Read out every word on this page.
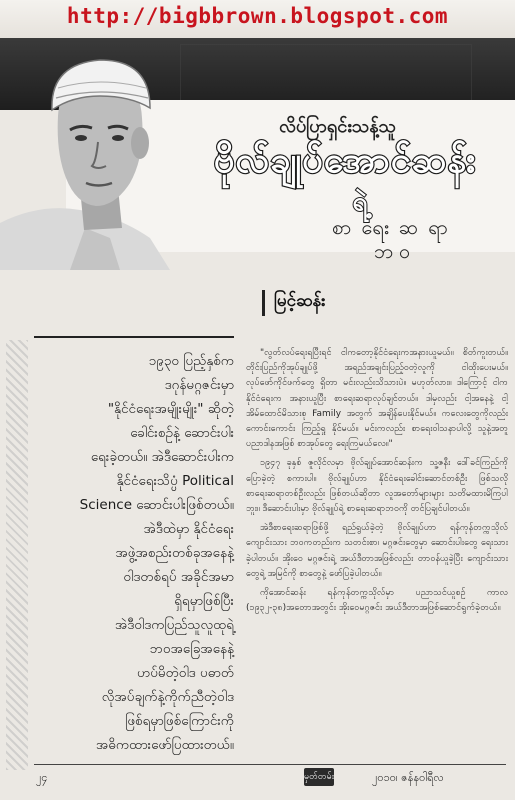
http://bigbbrown.blogspot.com
လိပ်ပြာရှင်းသန့်သူ
ဗိုလ်ချုပ်အောင်ဆန်း
ရဲ့
စာရေးဆရာ
ဘဝ
မြင့်ဆန်း
၁၉၃၀ ပြည့်နှစ်က
ဒဂုန်မဂ္ဂဇင်းမှာ
"နိုင်ငံရေးအမျိုးမျိုး" ဆိုတဲ့
ခေါင်းစဉ်နဲ့ ဆောင်းပါး
ရေးခဲ့တယ်။ အဲဒီဆောင်းပါးက
နိုင်ငံရေးသိပ္ပံ Political
Science ဆောင်းပါးဖြစ်တယ်။
အဲဒီထဲမှာ နိုင်ငံရေး
အဖွဲ့အစည်းတစ်ခုအနေနဲ့
ဝါဒတစ်ရပ် အခိုင်အမာ
ရှိရမှာဖြစ်ပြီး
အဲဒီဝါဒကပြည်သူလူထုရဲ့
ဘဝအခြေအနေနဲ့
ဟပ်မိတဲ့ဝါဒ ပဓာတ်
လိုအပ်ချက်နဲ့ကိုက်ညီတဲ့ဝါဒ
ဖြစ်ရမှာဖြစ်ကြောင်းကို
အဓိကထားဖော်ပြထားတယ်။

"လွတ်လပ်ရေးရပြီးရင် ငါကတော့နိုင်ငံရေးကအနားယူမယ်။ စိတ်ကူးတယ်။ တိုင်းပြည်ကိုအုပ်ချုပ်ဖို့ အရည်အချင်းပြည့်ဝတဲ့လူကို ငါထိုးပေးမယ်။ လုပ်ဖော်ကိုင်ဖက်တွေ ရှိတာ မင်းလည်းသိသားပဲ။ မဟုတ်လား။ ဒါကြောင့် ငါကနိုင်ငံရေးက အနားယူပြီး စာရေးဆရာလုပ်ချင်တယ်။ ဒါမှလည်း ငါ့အနေနဲ့ ငါ့အိမ်ထောင်မိသားစု Family အတွက် အချိန်ပေးနိုင်မယ်။ ကလေးတွေကိုလည်း ကောင်းကောင်း ကြည့်ရှု နိုင်မယ်။ မင်းကလည်း စာရေးဝါသနာပါလို့ သူနဲ့အတူ ပညာဒါနအဖြစ် စာအုပ်တွေ ရေးကြမယ်လေ။"

၁၉၄၇ ခုနှစ် ဇူလိုင်လမှာ ဗိုလ်ချုပ်အောင်ဆန်းက သူ့ဇနီး ဒေါ်ခင်ကြည်ကို ပြောခဲ့တဲ့ စကားပါ။ ဗိုလ်ချုပ်ဟာ နိုင်ငံရေးခေါင်းဆောင်တစ်ဦး ဖြစ်သလို စာရေးဆရာတစ်ဦးလည်း ဖြစ်တယ်ဆိုတာ လူအတော်များများ သတိမထားမိကြပါဘူး။ ဒီဆောင်းပါးမှာ ဗိုလ်ချုပ်ရဲ့ စာရေးဆရာဘဝကို တင်ပြချင်ပါတယ်။

အဲဒီစာရေးဆရာဖြစ်ဖို့ ရည်ရွယ်ခဲ့တဲ့ ဗိုလ်ချုပ်ဟာ ရန်ကုန်တက္ကသိုလ်ကျောင်းသား ဘဝကတည်းက သတင်းစာ၊ မဂ္ဂဇင်းတွေမှာ ဆောင်းပါးတွေ ရေးသားခဲ့ပါတယ်။ အိုးဝေ မဂ္ဂဇင်းရဲ့ အယ်ဒီတာအဖြစ်လည်း တာဝန်ယူခဲ့ပြီး ကျောင်းသားတွေရဲ့ အမြင်ကို စာတွေနဲ့ ဖော်ပြခဲ့ပါတယ်။

ကိုအောင်ဆန်း ရန်ကုန်တက္ကသိုလ်မှာ ပညာသင်ယူစဉ် ကာလ (၁၉၃၂-၃၈)အတောအတွင်း အိုးဝေမဂ္ဂဇင်း အယ်ဒီတာအဖြစ်ဆောင်ရွက်ခဲ့တယ်။

၂၄	မှတ်တမ်း	၂၀၁၀၊ ဇန်နဝါရီလ
